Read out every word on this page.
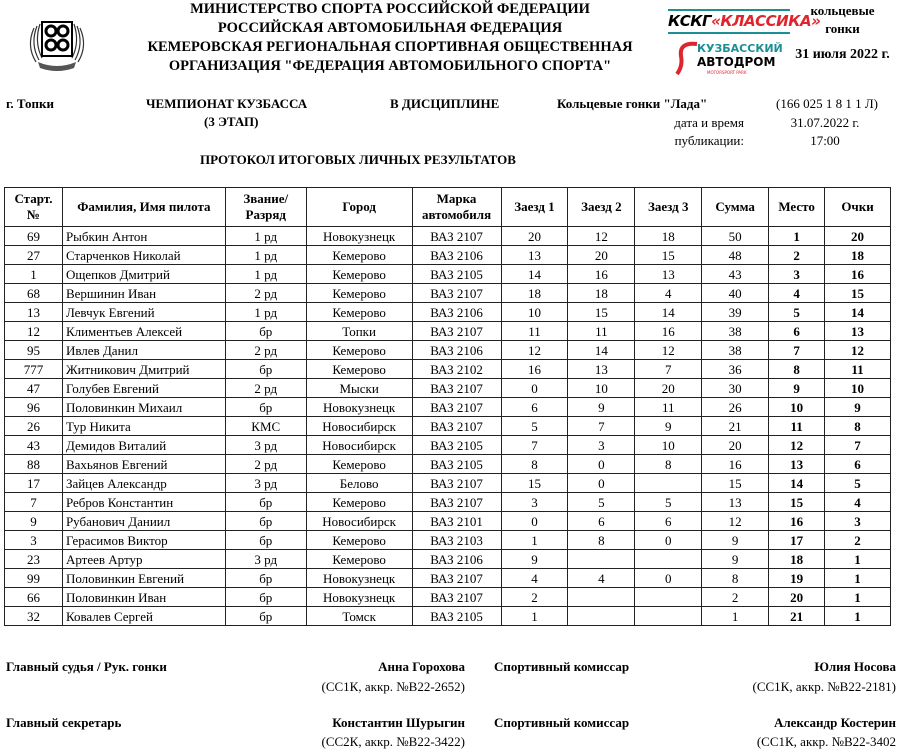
МИНИСТЕРСТВО СПОРТА РОССИЙСКОЙ ФЕДЕРАЦИИ
РОССИЙСКАЯ АВТОМОБИЛЬНАЯ ФЕДЕРАЦИЯ
КЕМЕРОВСКАЯ РЕГИОНАЛЬНАЯ СПОРТИВНАЯ ОБЩЕСТВЕННАЯ
ОРГАНИЗАЦИЯ "ФЕДЕРАЦИЯ АВТОМОБИЛЬНОГО СПОРТА"
КСКГ«КЛАССИКА»
КУЗБАССКИЙ
АВТОДРОМ
MOTORSPORT PARK
кольцевые
гонки
31 июля 2022 г.
г. Топки	ЧЕМПИОНАТ КУЗБАССА
(3 ЭТАП)
В ДИСЦИПЛИНЕ	Кольцевые гонки "Лада"	(166 025 1 8 1 1 Л)
дата и время
публикации:
31.07.2022 г.
17:00
ПРОТОКОЛ ИТОГОВЫХ ЛИЧНЫХ РЕЗУЛЬТАТОВ
Старт.
№	Фамилия, Имя пилота	Звание/
Разряд	Город	Марка
автомобиля	Заезд 1	Заезд 2	Заезд 3	Сумма	Место	Очки
69	Рыбкин Антон	1 рд	Новокузнецк	ВАЗ 2107	20	12	18	50	1	20
27	Старченков Николай	1 рд	Кемерово	ВАЗ 2106	13	20	15	48	2	18
1	Ощепков Дмитрий	1 рд	Кемерово	ВАЗ 2105	14	16	13	43	3	16
68	Вершинин Иван	2 рд	Кемерово	ВАЗ 2107	18	18	4	40	4	15
13	Левчук Евгений	1 рд	Кемерово	ВАЗ 2106	10	15	14	39	5	14
12	Климентьев Алексей	бр	Топки	ВАЗ 2107	11	11	16	38	6	13
95	Ивлев Данил	2 рд	Кемерово	ВАЗ 2106	12	14	12	38	7	12
777	Житникович Дмитрий	бр	Кемерово	ВАЗ 2102	16	13	7	36	8	11
47	Голубев Евгений	2 рд	Мыски	ВАЗ 2107	0	10	20	30	9	10
96	Половинкин Михаил	бр	Новокузнецк	ВАЗ 2107	6	9	11	26	10	9
26	Тур Никита	КМС	Новосибирск	ВАЗ 2107	5	7	9	21	11	8
43	Демидов Виталий	3 рд	Новосибирск	ВАЗ 2105	7	3	10	20	12	7
88	Вахьянов Евгений	2 рд	Кемерово	ВАЗ 2105	8	0	8	16	13	6
17	Зайцев Александр	3 рд	Белово	ВАЗ 2107	15	0		15	14	5
7	Ребров Константин	бр	Кемерово	ВАЗ 2107	3	5	5	13	15	4
9	Рубанович Даниил	бр	Новосибирск	ВАЗ 2101	0	6	6	12	16	3
3	Герасимов Виктор	бр	Кемерово	ВАЗ 2103	1	8	0	9	17	2
23	Артеев Артур	3 рд	Кемерово	ВАЗ 2106	9			9	18	1
99	Половинкин Евгений	бр	Новокузнецк	ВАЗ 2107	4	4	0	8	19	1
66	Половинкин Иван	бр	Новокузнецк	ВАЗ 2107	2			2	20	1
32	Ковалев Сергей	бр	Томск	ВАЗ 2105	1			1	21	1
Главный судья / Рук. гонки	Анна Горохова
(СС1К, аккр. №В22-2652)
Спортивный комиссар	Юлия Носова
(СС1К, аккр. №В22-2181)
Главный секретарь	Константин Шурыгин
(СС2К, аккр. №В22-3422)
Спортивный комиссар	Александр Костерин
(СС1К, аккр. №В22-3402
